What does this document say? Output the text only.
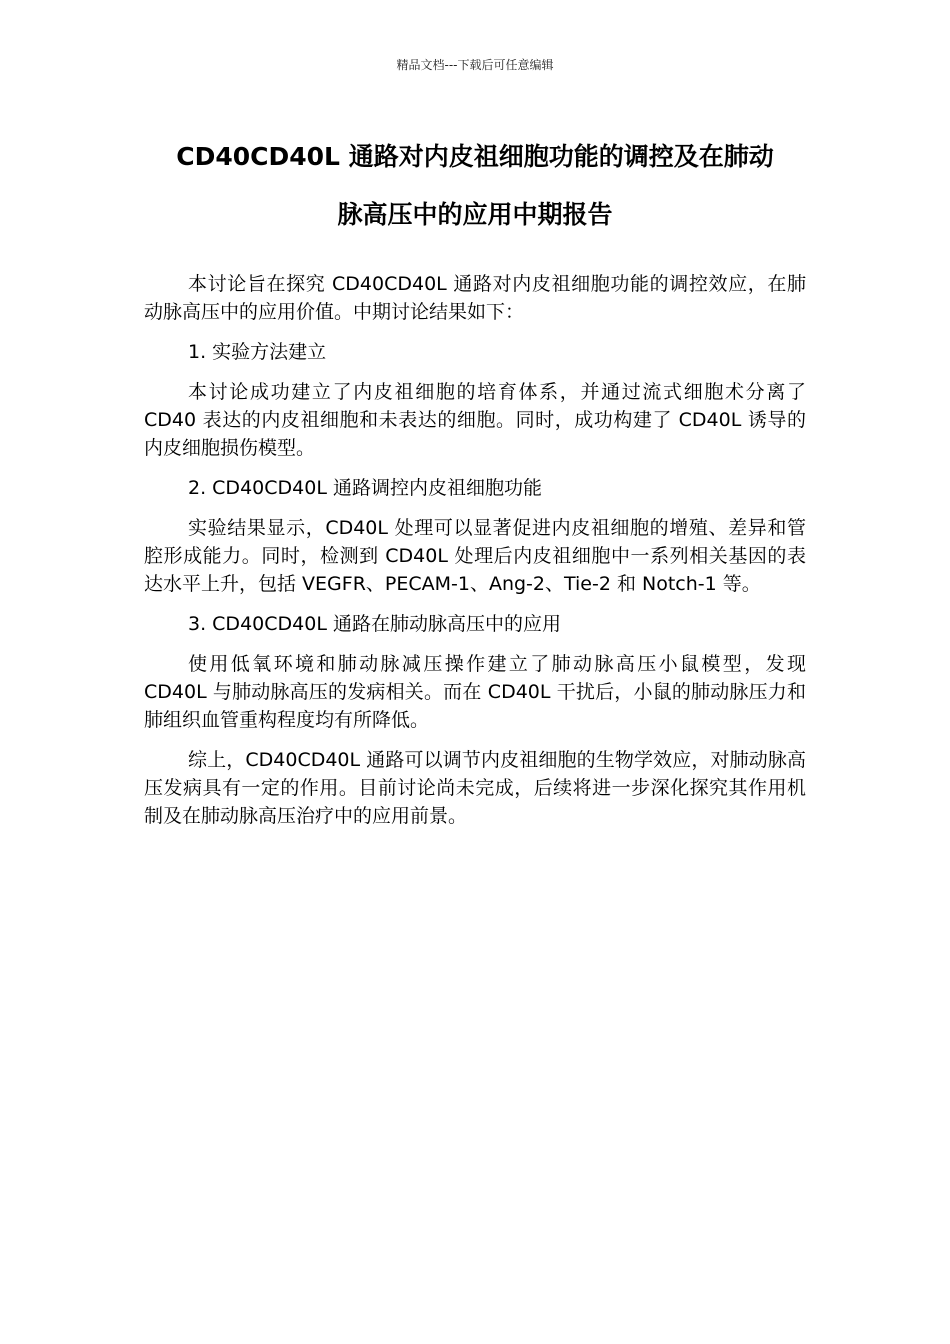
精品文档---下载后可任意编辑
CD40CD40L 通路对内皮祖细胞功能的调控及在肺动
脉高压中的应用中期报告

本讨论旨在探究 CD40CD40L 通路对内皮祖细胞功能的调控效应，在肺动脉高压中的应用价值。中期讨论结果如下：

1. 实验方法建立

本讨论成功建立了内皮祖细胞的培育体系，并通过流式细胞术分离了 CD40 表达的内皮祖细胞和未表达的细胞。同时，成功构建了 CD40L 诱导的内皮细胞损伤模型。

2. CD40CD40L 通路调控内皮祖细胞功能

实验结果显示，CD40L 处理可以显著促进内皮祖细胞的增殖、差异和管腔形成能力。同时，检测到 CD40L 处理后内皮祖细胞中一系列相关基因的表达水平上升，包括 VEGFR、PECAM-1、Ang-2、Tie-2 和 Notch-1 等。

3. CD40CD40L 通路在肺动脉高压中的应用

使用低氧环境和肺动脉减压操作建立了肺动脉高压小鼠模型，发现 CD40L 与肺动脉高压的发病相关。而在 CD40L 干扰后，小鼠的肺动脉压力和肺组织血管重构程度均有所降低。

综上，CD40CD40L 通路可以调节内皮祖细胞的生物学效应，对肺动脉高压发病具有一定的作用。目前讨论尚未完成，后续将进一步深化探究其作用机制及在肺动脉高压治疗中的应用前景。
